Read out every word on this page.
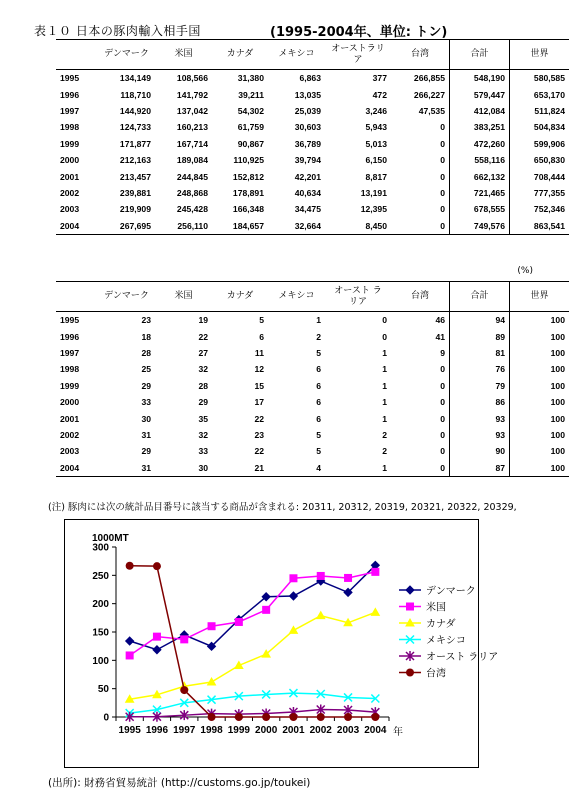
表１０ 日本の豚肉輸入相手国	(1995-2004年、単位: トン)
	デンマーク	米国	カナダ	メキシコ	オーストラリア	台湾	合計	世界
1995	134,149	108,566	31,380	6,863	377	266,855	548,190	580,585
1996	118,710	141,792	39,211	13,035	472	266,227	579,447	653,170
1997	144,920	137,042	54,302	25,039	3,246	47,535	412,084	511,824
1998	124,733	160,213	61,759	30,603	5,943	0	383,251	504,834
1999	171,877	167,714	90,867	36,789	5,013	0	472,260	599,906
2000	212,163	189,084	110,925	39,794	6,150	0	558,116	650,830
2001	213,457	244,845	152,812	42,201	8,817	0	662,132	708,444
2002	239,881	248,868	178,891	40,634	13,191	0	721,465	777,355
2003	219,909	245,428	166,348	34,475	12,395	0	678,555	752,346
2004	267,695	256,110	184,657	32,664	8,450	0	749,576	863,541
(%)
	デンマーク	米国	カナダ	メキシコ	オースト ラリア	台湾	合計	世界
1995	23	19	5	1	0	46	94	100
1996	18	22	6	2	0	41	89	100
1997	28	27	11	5	1	9	81	100
1998	25	32	12	6	1	0	76	100
1999	29	28	15	6	1	0	79	100
2000	33	29	17	6	1	0	86	100
2001	30	35	22	6	1	0	93	100
2002	31	32	23	5	2	0	93	100
2003	29	33	22	5	2	0	90	100
2004	31	30	21	4	1	0	87	100
(注) 豚肉には次の統計品目番号に該当する商品が含まれる: 20311, 20312, 20319, 20321, 20322, 20329,
0
50
100
150
200
250
300
1995 1996 1997 1998 1999 2000 2001 2002 2003 2004
1000MT
年
デンマーク
米国
カナダ
メキシコ
オースト ラリア
台湾
(出所): 財務省貿易統計 (http://customs.go.jp/toukei)
